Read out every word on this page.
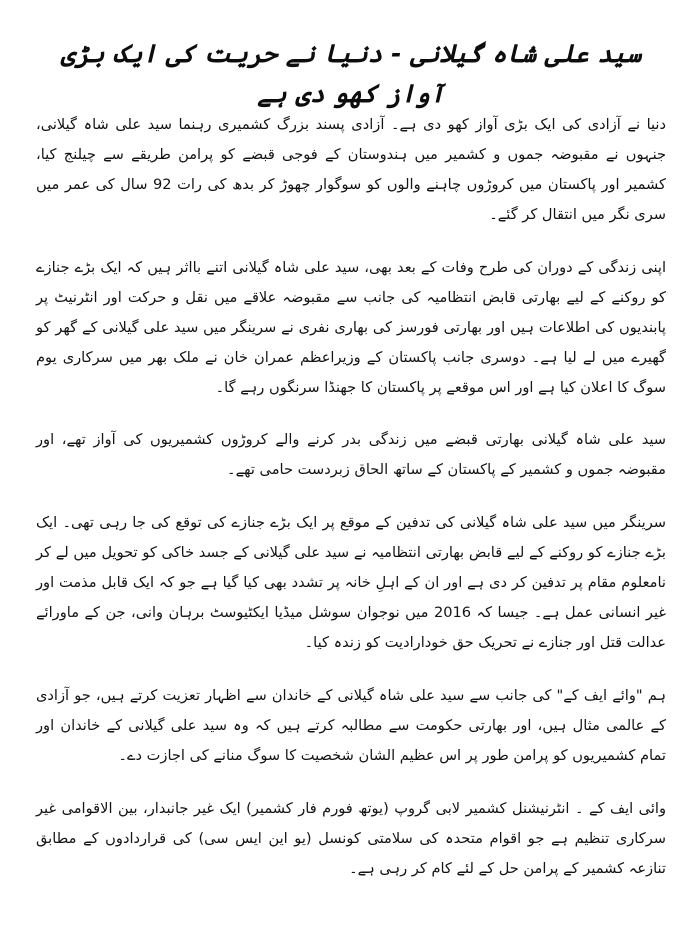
سید علی شاہ گیلانی - دنیا نے حریت کی ایک بڑی آواز کھو دی ہے

دنیا نے آزادی کی ایک بڑی آواز کھو دی ہے۔ آزادی پسند بزرگ کشمیری رہنما سید علی شاہ گیلانی، جنہوں نے مقبوضہ جموں و کشمیر میں ہندوستان کے فوجی قبضے کو پرامن طریقے سے چیلنج کیا، کشمیر اور پاکستان میں کروڑوں چاہنے والوں کو سوگوار چھوڑ کر بدھ کی رات 92 سال کی عمر میں سری نگر میں انتقال کر گئے۔

اپنی زندگی کے دوران کی طرح وفات کے بعد بھی، سید علی شاہ گیلانی اتنے بااثر ہیں کہ ایک بڑے جنازے کو روکنے کے لیے بھارتی قابض انتظامیہ کی جانب سے مقبوضہ علاقے میں نقل و حرکت اور انٹرنیٹ پر پابندیوں کی اطلاعات ہیں اور بھارتی فورسز کی بھاری نفری نے سرینگر میں سید علی گیلانی کے گھر کو گھیرے میں لے لیا ہے۔ دوسری جانب پاکستان کے وزیراعظم عمران خان نے ملک بھر میں سرکاری یوم سوگ کا اعلان کیا ہے اور اس موقعے پر پاکستان کا جھنڈا سرنگوں رہے گا۔

سید علی شاہ گیلانی بھارتی قبضے میں زندگی بدر کرنے والے کروڑوں کشمیریوں کی آواز تھے، اور مقبوضہ جموں و کشمیر کے پاکستان کے ساتھ الحاق زبردست حامی تھے۔

سرینگر میں سید علی شاہ گیلانی کی تدفین کے موقع پر ایک بڑے جنازے کی توقع کی جا رہی تھی۔ ایک بڑے جنازے کو روکنے کے لیے قابض بھارتی انتظامیہ نے سید علی گیلانی کے جسد خاکی کو تحویل میں لے کر نامعلوم مقام پر تدفین کر دی ہے اور ان کے اہلِ خانہ پر تشدد بھی کیا گیا ہے جو کہ ایک قابل مذمت اور غیر انسانی عمل ہے۔ جیسا کہ 2016 میں نوجوان سوشل میڈیا ایکٹیوسٹ برہان وانی، جن کے ماورائے عدالت قتل اور جنازے نے تحریک حق خودارادیت کو زندہ کیا۔

ہم "وائے ایف کے" کی جانب سے سید علی شاہ گیلانی کے خاندان سے اظہار تعزیت کرتے ہیں، جو آزادی کے عالمی مثال ہیں، اور بھارتی حکومت سے مطالبہ کرتے ہیں کہ وہ سید علی گیلانی کے خاندان اور تمام کشمیریوں کو پرامن طور پر اس عظیم الشان شخصیت کا سوگ منانے کی اجازت دے۔

وائی ایف کے ۔ انٹرنیشنل کشمیر لابی گروپ (یوتھ فورم فار کشمیر) ایک غیر جانبدار، بین الاقوامی غیر سرکاری تنظیم ہے جو اقوام متحدہ کی سلامتی کونسل (یو این ایس سی) کی قراردادوں کے مطابق تنازعہ کشمیر کے پرامن حل کے لئے کام کر رہی ہے۔
